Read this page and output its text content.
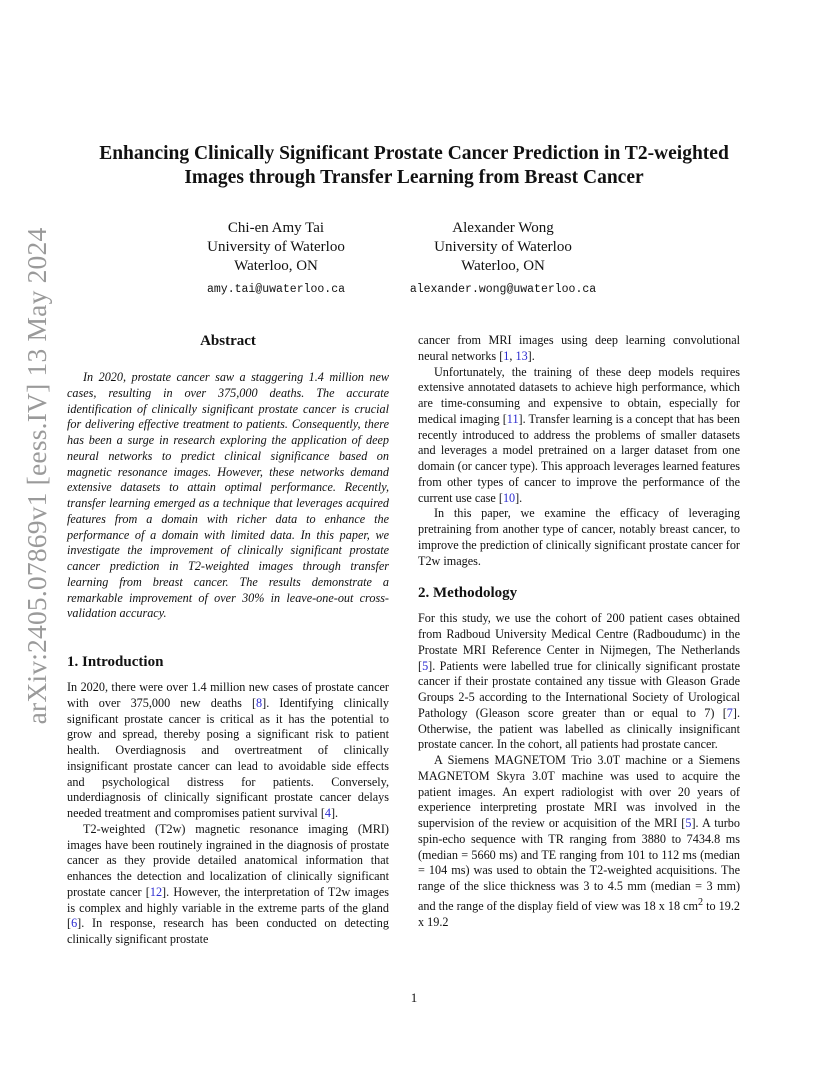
arXiv:2405.07869v1 [eess.IV] 13 May 2024
Enhancing Clinically Significant Prostate Cancer Prediction in T2-weighted Images through Transfer Learning from Breast Cancer
Chi-en Amy Tai
University of Waterloo
Waterloo, ON
amy.tai@uwaterloo.ca
Alexander Wong
University of Waterloo
Waterloo, ON
alexander.wong@uwaterloo.ca
Abstract

In 2020, prostate cancer saw a staggering 1.4 million new cases, resulting in over 375,000 deaths. The accurate identification of clinically significant prostate cancer is crucial for delivering effective treatment to patients. Consequently, there has been a surge in research exploring the application of deep neural networks to predict clinical significance based on magnetic resonance images. However, these networks demand extensive datasets to attain optimal performance. Recently, transfer learning emerged as a technique that leverages acquired features from a domain with richer data to enhance the performance of a domain with limited data. In this paper, we investigate the improvement of clinically significant prostate cancer prediction in T2-weighted images through transfer learning from breast cancer. The results demonstrate a remarkable improvement of over 30% in leave-one-out cross-validation accuracy.

1. Introduction

In 2020, there were over 1.4 million new cases of prostate cancer with over 375,000 new deaths [8]. Identifying clinically significant prostate cancer is critical as it has the potential to grow and spread, thereby posing a significant risk to patient health. Overdiagnosis and overtreatment of clinically insignificant prostate cancer can lead to avoidable side effects and psychological distress for patients. Conversely, underdiagnosis of clinically significant prostate cancer delays needed treatment and compromises patient survival [4].

T2-weighted (T2w) magnetic resonance imaging (MRI) images have been routinely ingrained in the diagnosis of prostate cancer as they provide detailed anatomical information that enhances the detection and localization of clinically significant prostate cancer [12]. However, the interpretation of T2w images is complex and highly variable in the extreme parts of the gland [6]. In response, research has been conducted on detecting clinically significant prostate

cancer from MRI images using deep learning convolutional neural networks [1, 13].

Unfortunately, the training of these deep models requires extensive annotated datasets to achieve high performance, which are time-consuming and expensive to obtain, especially for medical imaging [11]. Transfer learning is a concept that has been recently introduced to address the problems of smaller datasets and leverages a model pretrained on a larger dataset from one domain (or cancer type). This approach leverages learned features from other types of cancer to improve the performance of the current use case [10].

In this paper, we examine the efficacy of leveraging pretraining from another type of cancer, notably breast cancer, to improve the prediction of clinically significant prostate cancer for T2w images.

2. Methodology

For this study, we use the cohort of 200 patient cases obtained from Radboud University Medical Centre (Radboudumc) in the Prostate MRI Reference Center in Nijmegen, The Netherlands [5]. Patients were labelled true for clinically significant prostate cancer if their prostate contained any tissue with Gleason Grade Groups 2-5 according to the International Society of Urological Pathology (Gleason score greater than or equal to 7) [7]. Otherwise, the patient was labelled as clinically insignificant prostate cancer. In the cohort, all patients had prostate cancer.

A Siemens MAGNETOM Trio 3.0T machine or a Siemens MAGNETOM Skyra 3.0T machine was used to acquire the patient images. An expert radiologist with over 20 years of experience interpreting prostate MRI was involved in the supervision of the review or acquisition of the MRI [5]. A turbo spin-echo sequence with TR ranging from 3880 to 7434.8 ms (median = 5660 ms) and TE ranging from 101 to 112 ms (median = 104 ms) was used to obtain the T2-weighted acquisitions. The range of the slice thickness was 3 to 4.5 mm (median = 3 mm) and the range of the display field of view was 18 x 18 $cm^2$ to 19.2 x 19.2

1
